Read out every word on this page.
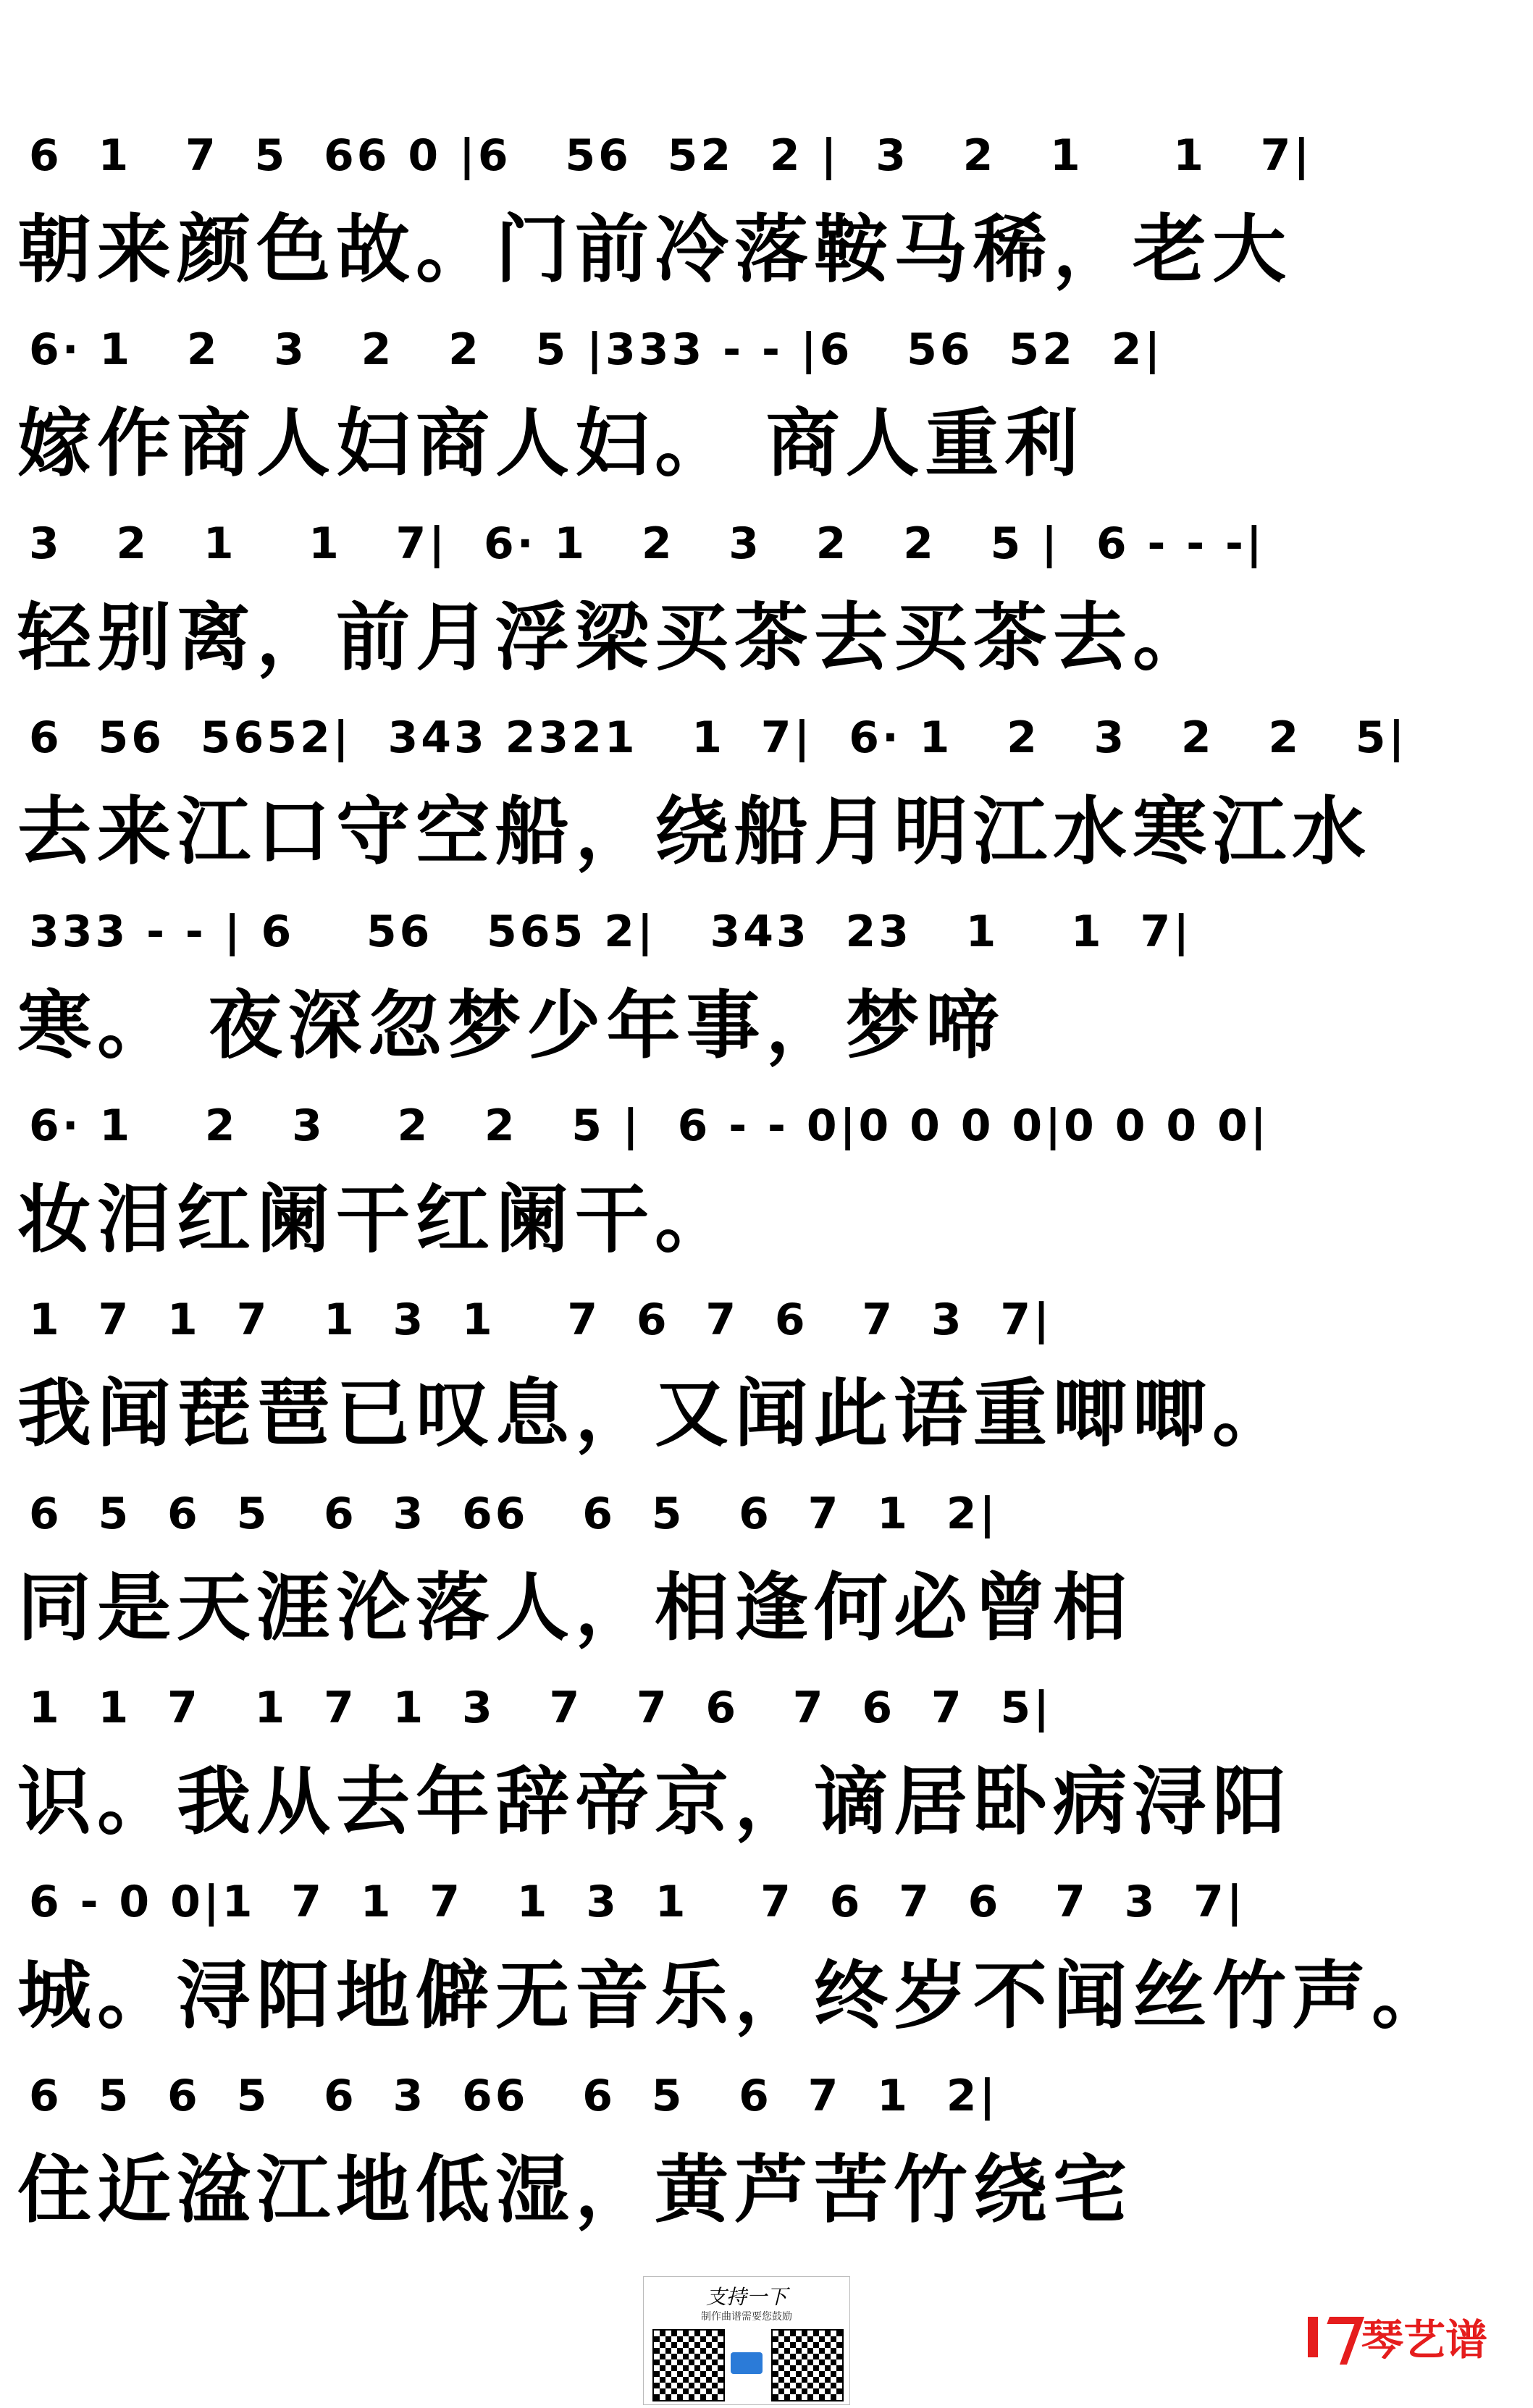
6  1   7  5  66 0 |6   56  52  2 |  3   2   1     1   7|
朝来颜色故。门前冷落鞍马稀，老大
6· 1   2   3   2   2   5 |333 - - |6   56  52  2|
嫁作商人妇商人妇。 商人重利
3   2   1    1   7|  6· 1   2   3   2   2   5 |  6 - - -|
轻别离，前月浮梁买茶去买茶去。
6  56  5652|  343 2321   1  7|  6· 1   2   3   2   2   5|
去来江口守空船，绕船月明江水寒江水
333 - - | 6    56   565 2|   343  23   1    1  7|
寒。 夜深忽梦少年事，梦啼
6· 1    2   3    2   2   5 |  6 - - 0|0 0 0 0|0 0 0 0|
妆泪红阑干红阑干。
1  7  1  7   1  3  1    7  6  7  6   7  3  7|
我闻琵琶已叹息，又闻此语重唧唧。
6  5  6  5   6  3  66   6  5   6  7  1  2|
同是天涯沦落人，相逢何必曾相
1  1  7   1  7  1  3   7   7  6   7  6  7  5|
识。我从去年辞帝京，谪居卧病浔阳
6 - 0 0|1  7  1  7   1  3  1    7  6  7  6   7  3  7|
城。浔阳地僻无音乐，终岁不闻丝竹声。
6  5  6  5   6  3  66   6  5   6  7  1  2|
住近湓江地低湿，黄芦苦竹绕宅
支持一下
制作曲谱需要您鼓励	琴艺谱
